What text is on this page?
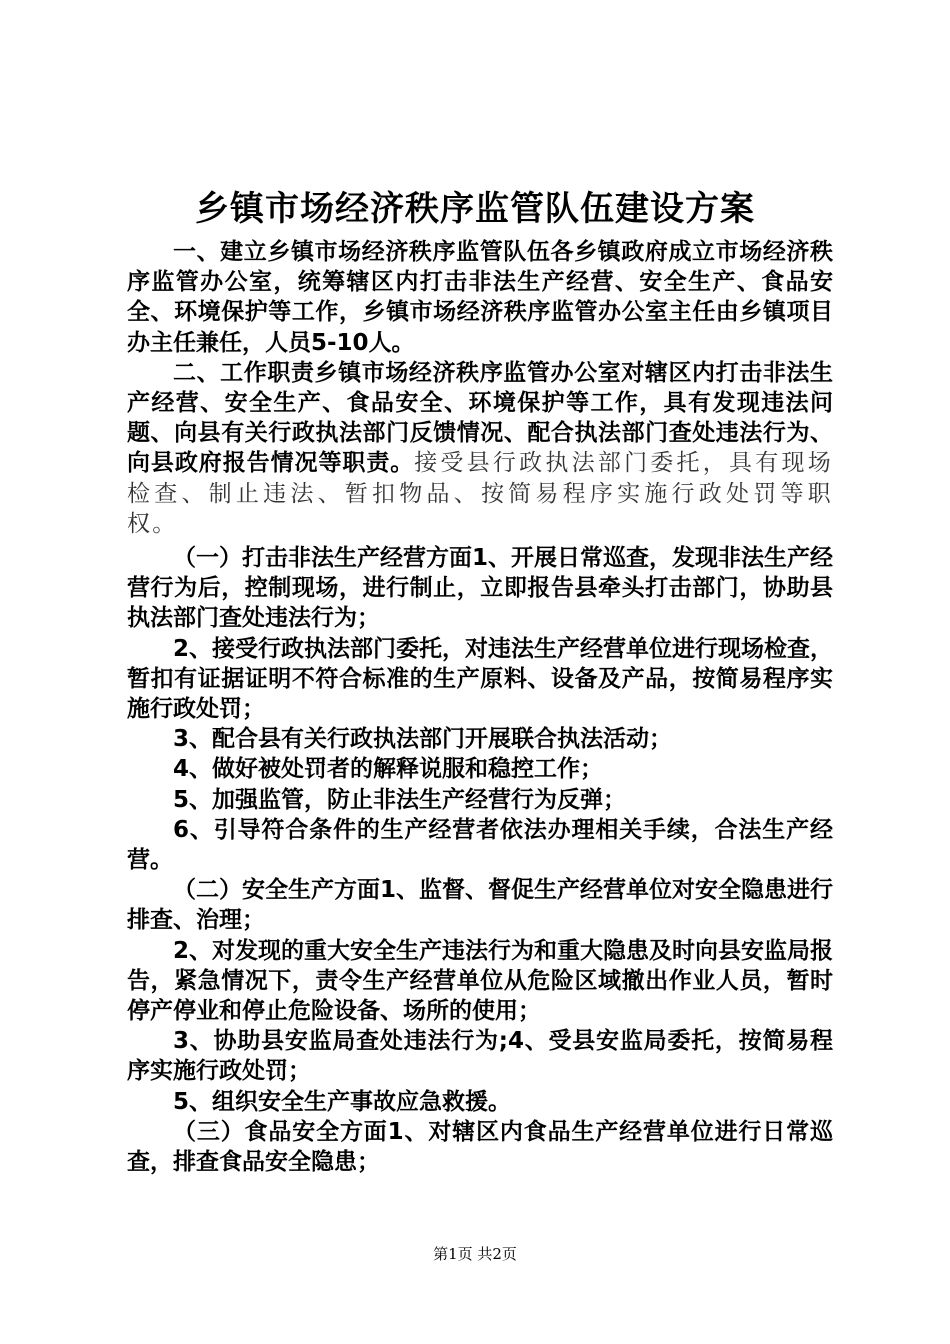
乡镇市场经济秩序监管队伍建设方案

一、建立乡镇市场经济秩序监管队伍各乡镇政府成立市场经济秩序监管办公室，统筹辖区内打击非法生产经营、安全生产、食品安全、环境保护等工作，乡镇市场经济秩序监管办公室主任由乡镇项目办主任兼任，人员5-10人。

二、工作职责乡镇市场经济秩序监管办公室对辖区内打击非法生产经营、安全生产、食品安全、环境保护等工作，具有发现违法问题、向县有关行政执法部门反馈情况、配合执法部门查处违法行为、向县政府报告情况等职责。接受县行政执法部门委托，具有现场检查、制止违法、暂扣物品、按简易程序实施行政处罚等职权。

（一）打击非法生产经营方面1、开展日常巡查，发现非法生产经营行为后，控制现场，进行制止，立即报告县牵头打击部门，协助县执法部门查处违法行为；

2、接受行政执法部门委托，对违法生产经营单位进行现场检查，暂扣有证据证明不符合标准的生产原料、设备及产品，按简易程序实施行政处罚；

3、配合县有关行政执法部门开展联合执法活动；

4、做好被处罚者的解释说服和稳控工作；

5、加强监管，防止非法生产经营行为反弹；

6、引导符合条件的生产经营者依法办理相关手续，合法生产经营。

（二）安全生产方面1、监督、督促生产经营单位对安全隐患进行排查、治理；

2、对发现的重大安全生产违法行为和重大隐患及时向县安监局报告，紧急情况下，责令生产经营单位从危险区域撤出作业人员，暂时停产停业和停止危险设备、场所的使用；

3、协助县安监局查处违法行为;4、受县安监局委托，按简易程序实施行政处罚；

5、组织安全生产事故应急救援。

（三）食品安全方面1、对辖区内食品生产经营单位进行日常巡查，排查食品安全隐患；

第1页 共2页
